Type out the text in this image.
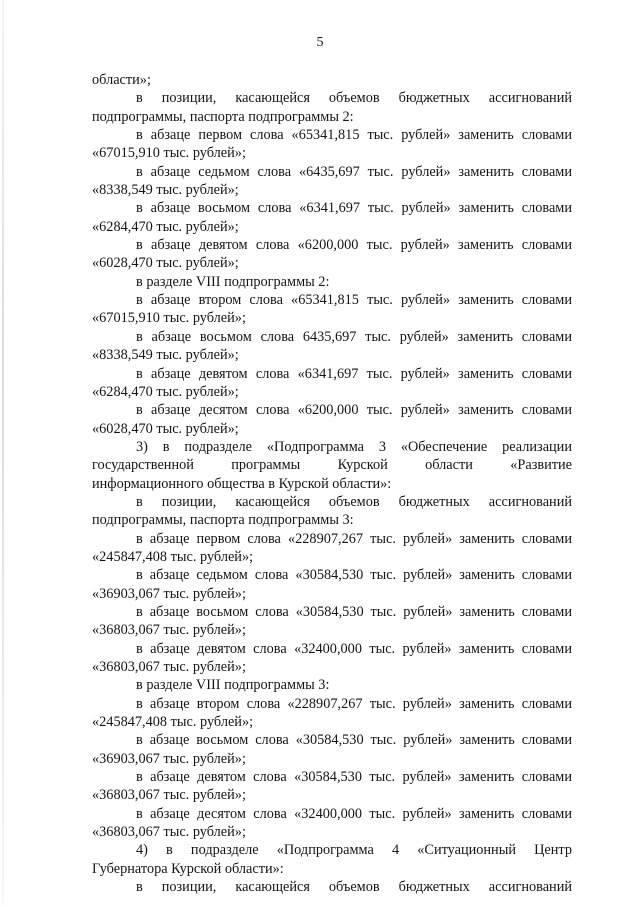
5
области»;
в позиции, касающейся объемов бюджетных ассигнований
подпрограммы, паспорта подпрограммы 2:
в абзаце первом слова «65341,815 тыс. рублей» заменить словами
«67015,910 тыс. рублей»;
в абзаце седьмом слова «6435,697 тыс. рублей» заменить словами
«8338,549 тыс. рублей»;
в абзаце восьмом слова «6341,697 тыс. рублей» заменить словами
«6284,470 тыс. рублей»;
в абзаце девятом слова «6200,000 тыс. рублей» заменить словами
«6028,470 тыс. рублей»;
в разделе VIII подпрограммы 2:
в абзаце втором слова «65341,815 тыс. рублей» заменить словами
«67015,910 тыс. рублей»;
в абзаце восьмом слова 6435,697 тыс. рублей» заменить словами
«8338,549 тыс. рублей»;
в абзаце девятом слова «6341,697 тыс. рублей» заменить словами
«6284,470 тыс. рублей»;
в абзаце десятом слова «6200,000 тыс. рублей» заменить словами
«6028,470 тыс. рублей»;
3) в подразделе «Подпрограмма 3 «Обеспечение реализации
государственной программы Курской области «Развитие
информационного общества в Курской области»:
в позиции, касающейся объемов бюджетных ассигнований
подпрограммы, паспорта подпрограммы 3:
в абзаце первом слова «228907,267 тыс. рублей» заменить словами
«245847,408 тыс. рублей»;
в абзаце седьмом слова «30584,530 тыс. рублей» заменить словами
«36903,067 тыс. рублей»;
в абзаце восьмом слова «30584,530 тыс. рублей» заменить словами
«36803,067 тыс. рублей»;
в абзаце девятом слова «32400,000 тыс. рублей» заменить словами
«36803,067 тыс. рублей»;
в разделе VIII подпрограммы 3:
в абзаце втором слова «228907,267 тыс. рублей» заменить словами
«245847,408 тыс. рублей»;
в абзаце восьмом слова «30584,530 тыс. рублей» заменить словами
«36903,067 тыс. рублей»;
в абзаце девятом слова «30584,530 тыс. рублей» заменить словами
«36803,067 тыс. рублей»;
в абзаце десятом слова «32400,000 тыс. рублей» заменить словами
«36803,067 тыс. рублей»;
4) в подразделе «Подпрограмма 4 «Ситуационный Центр
Губернатора Курской области»:
в позиции, касающейся объемов бюджетных ассигнований
